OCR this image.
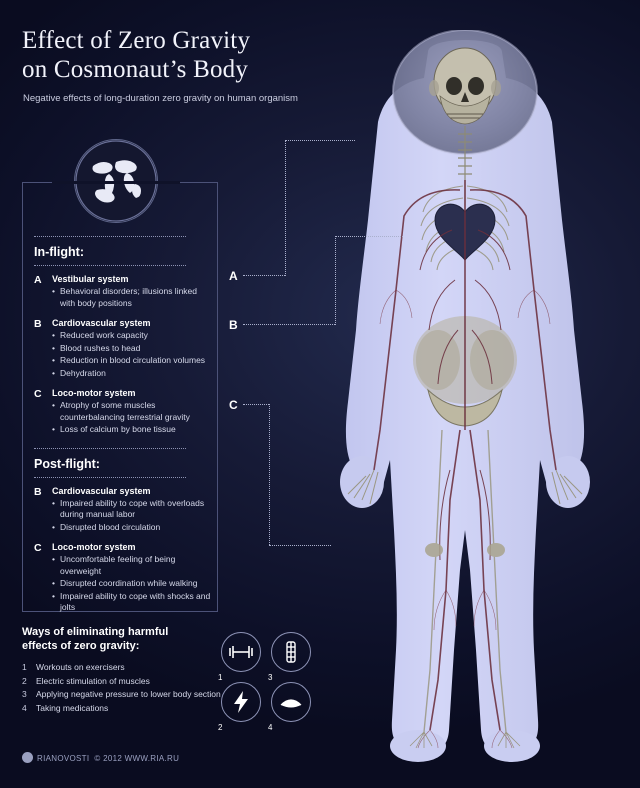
Effect of Zero Gravity
on Cosmonaut’s Body
Negative effects of long-duration zero gravity on human organism
In-flight:
A Vestibular system
• Behavioral disorders; illusions linked with body positions
B Cardiovascular system
• Reduced work capacity
• Blood rushes to head
• Reduction in blood circulation volumes
• Dehydration
C Loco-motor system
• Atrophy of some muscles counterbalancing terrestrial gravity
• Loss of calcium by bone tissue
Post-flight:
B Cardiovascular system
• Impaired ability to cope with overloads during manual labor
• Disrupted blood circulation
C Loco-motor system
• Uncomfortable feeling of being overweight
• Disrupted coordination while walking
• Impaired ability to cope with shocks and jolts
A
B
C
Ways of eliminating harmful
effects of zero gravity:
1 Workouts on exercisers
2 Electric stimulation of muscles
3 Applying negative pressure to lower body section
4 Taking medications
1	3
2	4
RIANOVOSTI © 2012 WWW.RIA.RU
